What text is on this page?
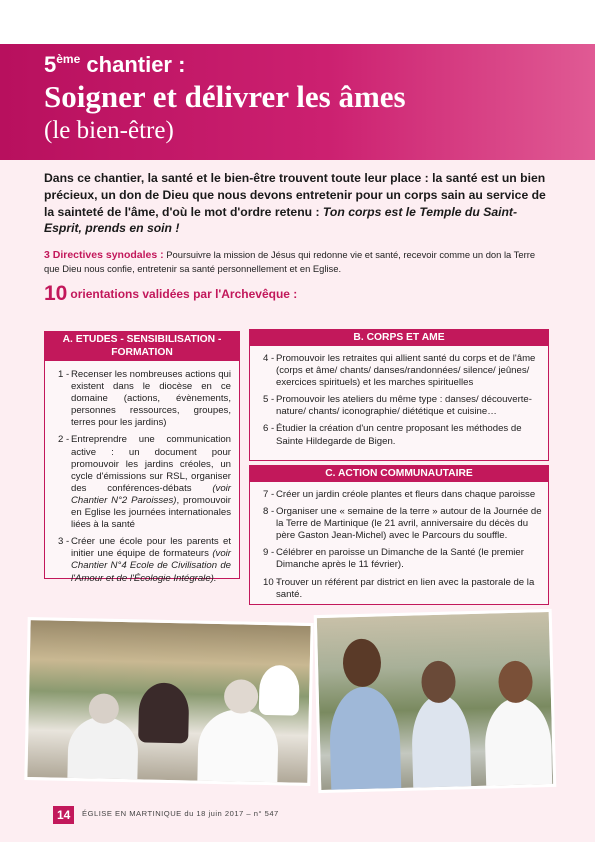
5ème chantier :
Soigner et délivrer les âmes
(le bien-être)

Dans ce chantier, la santé et le bien-être trouvent toute leur place : la santé est un bien précieux, un don de Dieu que nous devons entretenir pour un corps sain au service de la sainteté de l'âme, d'où le mot d'ordre retenu : Ton corps est le Temple du Saint-Esprit, prends en soin !

3 Directives synodales : Poursuivre la mission de Jésus qui redonne vie et santé, recevoir comme un don la Terre que Dieu nous confie, entretenir sa santé personnellement et en Eglise.

10 orientations validées par l'Archevêque :
A. ETUDES - SENSIBILISATION - FORMATION
1 - Recenser les nombreuses actions qui existent dans le diocèse en ce domaine (actions, évènements, personnes ressources, groupes, terres pour les jardins)
2 - Entreprendre une communication active : un document pour promouvoir les jardins créoles, un cycle d'émissions sur RSL, organiser des conférences-débats (voir Chantier N°2 Paroisses), promouvoir en Eglise les journées internationales liées à la santé
3 - Créer une école pour les parents et initier une équipe de formateurs (voir Chantier N°4 Ecole de Civilisation de l'Amour et de l'Écologie Intégrale).
B. CORPS ET AME
4 - Promouvoir les retraites qui allient santé du corps et de l'âme (corps et âme/ chants/ danses/randonnées/ silence/ jeûnes/ exercices spirituels) et les marches spirituelles
5 - Promouvoir les ateliers du même type : danses/ découverte-nature/ chants/ iconographie/ diététique et cuisine…
6 - Étudier la création d'un centre proposant les méthodes de Sainte Hildegarde de Bigen.
C. ACTION COMMUNAUTAIRE
7 - Créer un jardin créole plantes et fleurs dans chaque paroisse
8 - Organiser une « semaine de la terre » autour de la Journée de la Terre de Martinique (le 21 avril, anniversaire du décès du père Gaston Jean-Michel) avec le Parcours du souffle.
9 - Célébrer en paroisse un Dimanche de la Santé (le premier Dimanche après le 11 février).
10 -
Trouver un référent par district en lien avec la pastorale de la santé.
14	ÉGLISE EN MARTINIQUE du 18 juin 2017 – n° 547
